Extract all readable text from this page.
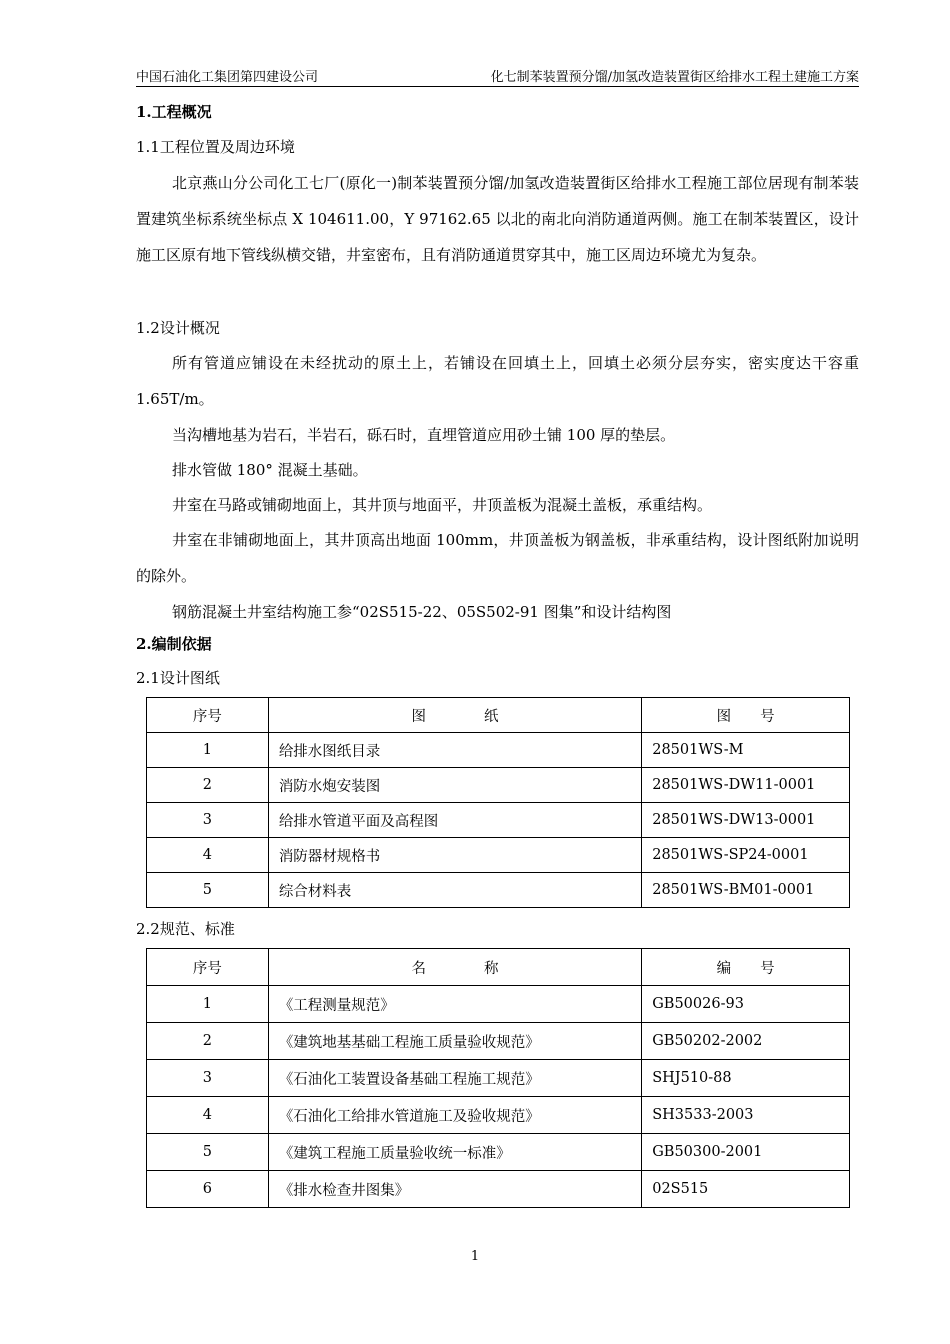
中国石油化工集团第四建设公司	化七制苯装置预分馏/加氢改造装置街区给排水工程土建施工方案
1.工程概况
1.1工程位置及周边环境
北京燕山分公司化工七厂(原化一)制苯装置预分馏/加氢改造装置街区给排水工程施工部位居现有制苯装置建筑坐标系统坐标点 X 104611.00，Y 97162.65 以北的南北向消防通道两侧。施工在制苯装置区，设计施工区原有地下管线纵横交错，井室密布，且有消防通道贯穿其中，施工区周边环境尤为复杂。
1.2设计概况
所有管道应铺设在未经扰动的原土上，若铺设在回填土上，回填土必须分层夯实，密实度达干容重 1.65T/m。
当沟槽地基为岩石，半岩石，砾石时，直埋管道应用砂土铺 100 厚的垫层。
排水管做 180° 混凝土基础。
井室在马路或铺砌地面上，其井顶与地面平，井顶盖板为混凝土盖板，承重结构。
井室在非铺砌地面上，其井顶高出地面 100mm，井顶盖板为钢盖板，非承重结构，设计图纸附加说明的除外。
钢筋混凝土井室结构施工参“02S515-22、05S502-91 图集”和设计结构图
2.编制依据
2.1设计图纸
序号	图　　　　纸	图　　号
1	给排水图纸目录	28501WS-M
2	消防水炮安装图	28501WS-DW11-0001
3	给排水管道平面及高程图	28501WS-DW13-0001
4	消防器材规格书	28501WS-SP24-0001
5	综合材料表	28501WS-BM01-0001
2.2规范、标准
序号	名　　　　称	编　　号
1	《工程测量规范》	GB50026-93
2	《建筑地基基础工程施工质量验收规范》	GB50202-2002
3	《石油化工装置设备基础工程施工规范》	SHJ510-88
4	《石油化工给排水管道施工及验收规范》	SH3533-2003
5	《建筑工程施工质量验收统一标准》	GB50300-2001
6	《排水检查井图集》	02S515
1
